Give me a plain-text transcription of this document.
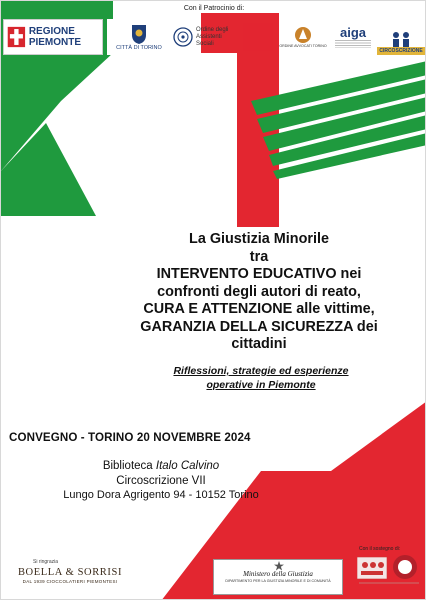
Con il Patrocinio di:
REGIONE PIEMONTE	CITTÀ DI TORINO
Ordine degli
Assistenti
Sociali	ORDINE AVVOCATI TORINO
aiga
CIRCOSCRIZIONE
La Giustizia Minorile
tra
INTERVENTO EDUCATIVO nei
confronti degli autori di reato,
CURA E ATTENZIONE alle vittime,
GARANZIA DELLA SICUREZZA dei
cittadini
Riflessioni, strategie ed esperienze
operative in Piemonte
CONVEGNO - TORINO 20 NOVEMBRE 2024
Biblioteca Italo Calvino
Circoscrizione VII
Lungo Dora Agrigento 94 - 10152 Torino
Si ringrazia
BOELLA & SORRISI
DAL 1939 CIOCCOLATIERI PIEMONTESI
Ministero della Giustizia
DIPARTIMENTO PER LA GIUSTIZIA MINORILE E DI COMUNITÀ
Con il sostegno di:
